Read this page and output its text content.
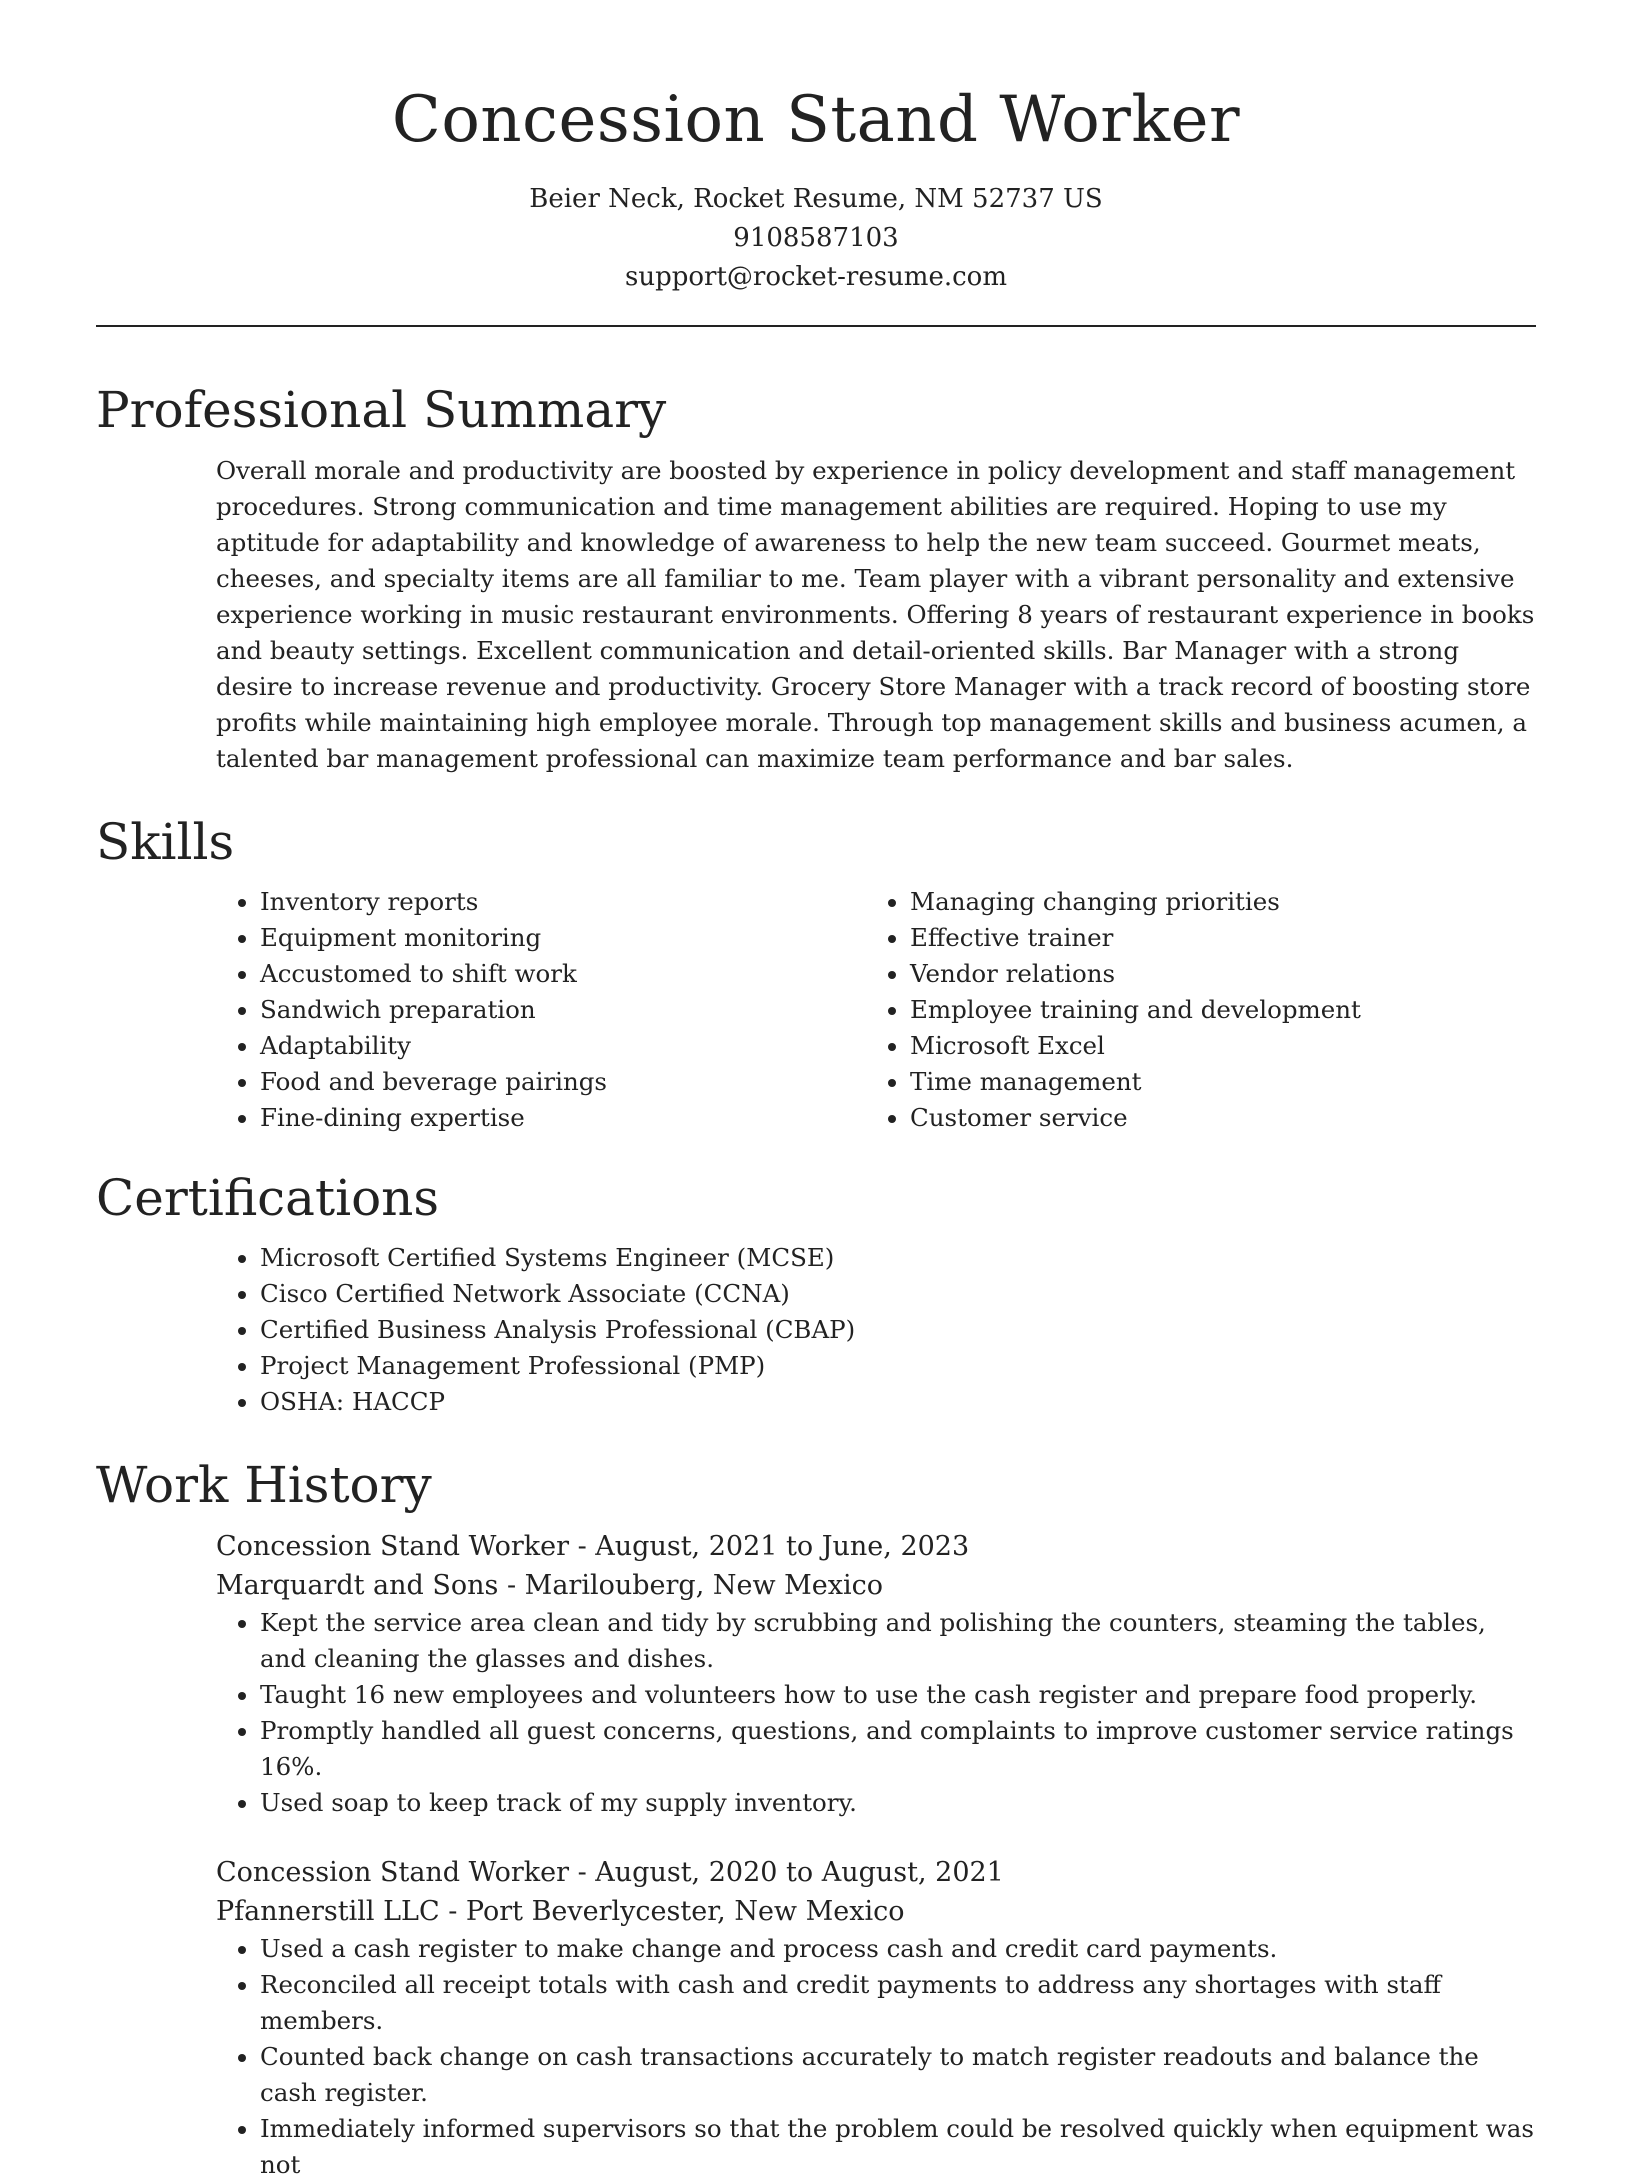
Concession Stand Worker
Beier Neck, Rocket Resume, NM 52737 US
9108587103
support@rocket-resume.com
Professional Summary

Overall morale and productivity are boosted by experience in policy development and staff management procedures. Strong communication and time management abilities are required. Hoping to use my aptitude for adaptability and knowledge of awareness to help the new team succeed. Gourmet meats, cheeses, and specialty items are all familiar to me. Team player with a vibrant personality and extensive experience working in music restaurant environments. Offering 8 years of restaurant experience in books and beauty settings. Excellent communication and detail-oriented skills. Bar Manager with a strong desire to increase revenue and productivity. Grocery Store Manager with a track record of boosting store profits while maintaining high employee morale. Through top management skills and business acumen, a talented bar management professional can maximize team performance and bar sales.

Skills
• Inventory reports
• Equipment monitoring
• Accustomed to shift work
• Sandwich preparation
• Adaptability
• Food and beverage pairings
• Fine-dining expertise
• Managing changing priorities
• Effective trainer
• Vendor relations
• Employee training and development
• Microsoft Excel
• Time management
• Customer service
Certifications
• Microsoft Certified Systems Engineer (MCSE)
• Cisco Certified Network Associate (CCNA)
• Certified Business Analysis Professional (CBAP)
• Project Management Professional (PMP)
• OSHA: HACCP
Work History
Concession Stand Worker - August, 2021 to June, 2023
Marquardt and Sons - Marilouberg, New Mexico
• Kept the service area clean and tidy by scrubbing and polishing the counters, steaming the tables, and cleaning the glasses and dishes.
• Taught 16 new employees and volunteers how to use the cash register and prepare food properly.
• Promptly handled all guest concerns, questions, and complaints to improve customer service ratings 16%.
• Used soap to keep track of my supply inventory.
Concession Stand Worker - August, 2020 to August, 2021
Pfannerstill LLC - Port Beverlycester, New Mexico
• Used a cash register to make change and process cash and credit card payments.
• Reconciled all receipt totals with cash and credit payments to address any shortages with staff members.
• Counted back change on cash transactions accurately to match register readouts and balance the cash register.
• Immediately informed supervisors so that the problem could be resolved quickly when equipment was not
